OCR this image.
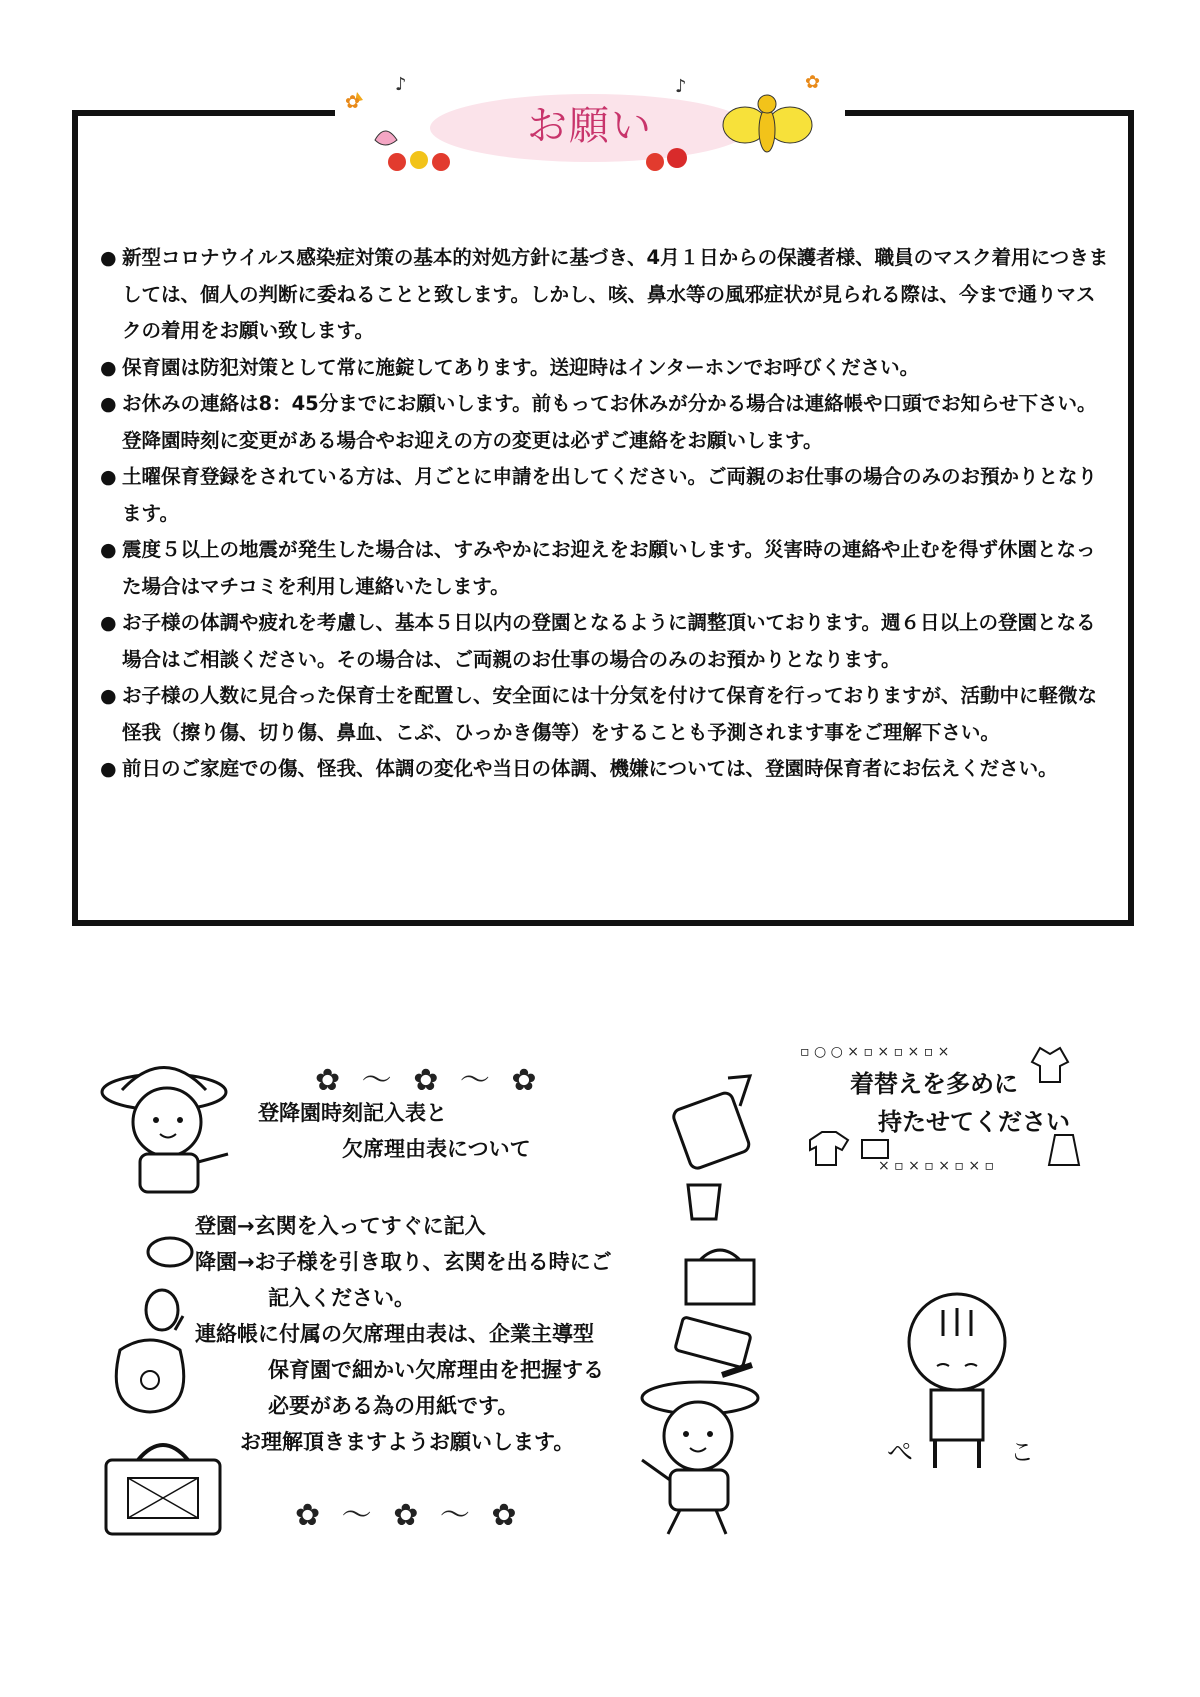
♪	♪	✿
✿
お願い
● 新型コロナウイルス感染症対策の基本的対処方針に基づき、4月１日からの保護者様、職員のマスク着用につきましては、個人の判断に委ねることと致します。しかし、咳、鼻水等の風邪症状が見られる際は、今まで通りマスクの着用をお願い致します。
● 保育園は防犯対策として常に施錠してあります。送迎時はインターホンでお呼びください。
● お休みの連絡は8：45分までにお願いします。前もってお休みが分かる場合は連絡帳や口頭でお知らせ下さい。登降園時刻に変更がある場合やお迎えの方の変更は必ずご連絡をお願いします。
● 土曜保育登録をされている方は、月ごとに申請を出してください。ご両親のお仕事の場合のみのお預かりとなります。
● 震度５以上の地震が発生した場合は、すみやかにお迎えをお願いします。災害時の連絡や止むを得ず休園となった場合はマチコミを利用し連絡いたします。
● お子様の体調や疲れを考慮し、基本５日以内の登園となるように調整頂いております。週６日以上の登園となる場合はご相談ください。その場合は、ご両親のお仕事の場合のみのお預かりとなります。
● お子様の人数に見合った保育士を配置し、安全面には十分気を付けて保育を行っておりますが、活動中に軽微な怪我（擦り傷、切り傷、鼻血、こぶ、ひっかき傷等）をすることも予測されます事をご理解下さい。
● 前日のご家庭での傷、怪我、体調の変化や当日の体調、機嫌については、登園時保育者にお伝えください。
✿ 〜 ✿ 〜 ✿
登降園時刻記入表と
欠席理由表について
登園→玄関を入ってすぐに記入
降園→お子様を引き取り、玄関を出る時にご
記入ください。
連絡帳に付属の欠席理由表は、企業主導型
保育園で細かい欠席理由を把握する
必要がある為の用紙です。
お理解頂きますようお願いします。
✿ 〜 ✿ 〜 ✿
▫ ○ ○ × ▫ × ▫ × ▫ ×
× ▫ × ▫ × ▫ × ▫
着替えを多めに
持たせてください
ぺ	こ
